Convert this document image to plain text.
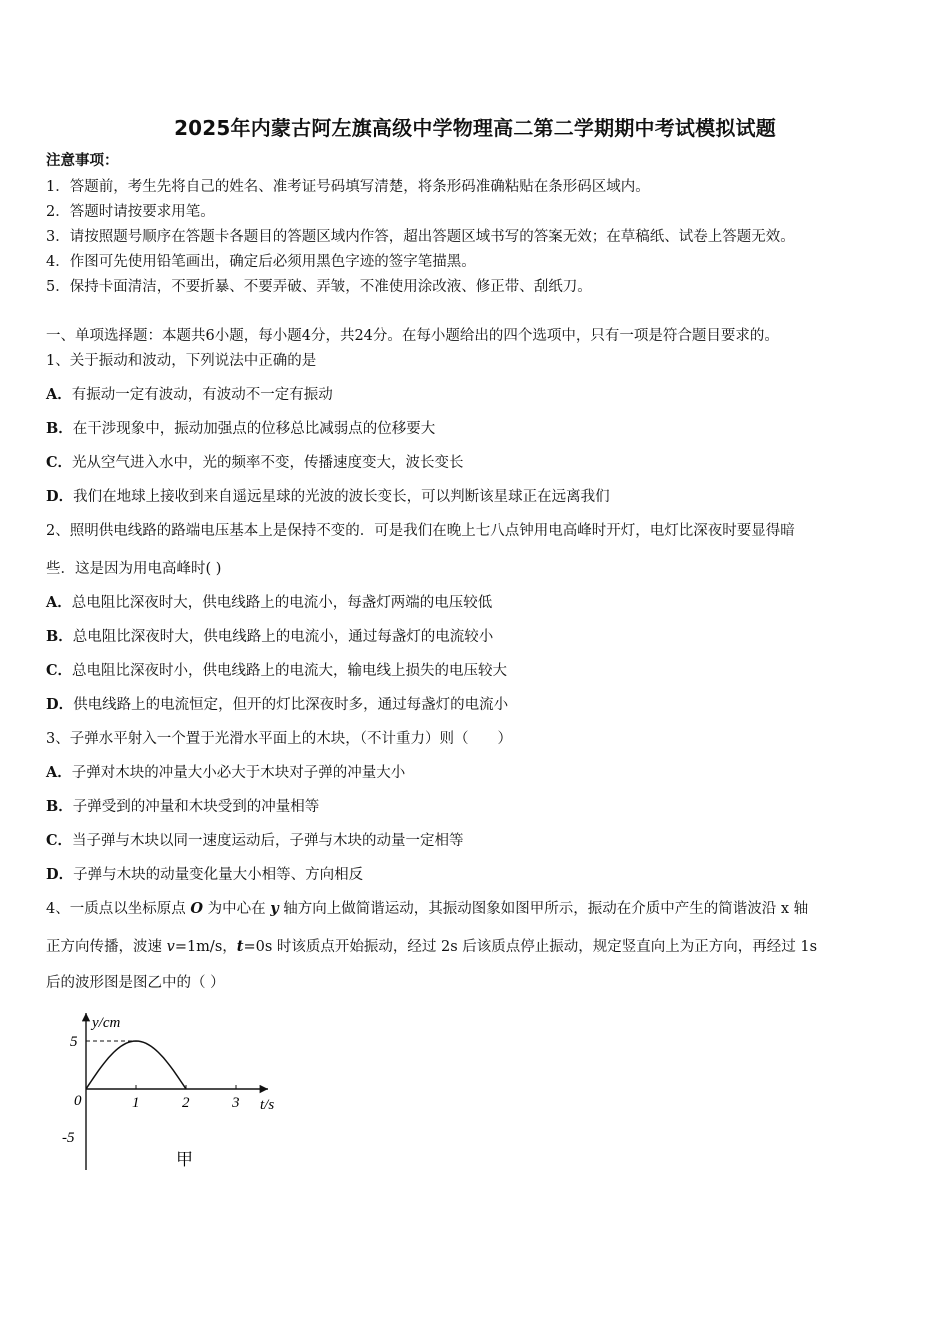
2025年内蒙古阿左旗高级中学物理高二第二学期期中考试模拟试题
注意事项：
1．答题前，考生先将自己的姓名、准考证号码填写清楚，将条形码准确粘贴在条形码区域内。
2．答题时请按要求用笔。
3．请按照题号顺序在答题卡各题目的答题区域内作答，超出答题区域书写的答案无效；在草稿纸、试卷上答题无效。
4．作图可先使用铅笔画出，确定后必须用黑色字迹的签字笔描黑。
5．保持卡面清洁，不要折暴、不要弄破、弄皱，不准使用涂改液、修正带、刮纸刀。
一、单项选择题：本题共6小题，每小题4分，共24分。在每小题给出的四个选项中，只有一项是符合题目要求的。
1、关于振动和波动，下列说法中正确的是
A．有振动一定有波动，有波动不一定有振动
B．在干涉现象中，振动加强点的位移总比减弱点的位移要大
C．光从空气进入水中，光的频率不变，传播速度变大，波长变长
D．我们在地球上接收到来自遥远星球的光波的波长变长，可以判断该星球正在远离我们
2、照明供电线路的路端电压基本上是保持不变的．可是我们在晚上七八点钟用电高峰时开灯，电灯比深夜时要显得暗
些．这是因为用电高峰时( )
A．总电阻比深夜时大，供电线路上的电流小，每盏灯两端的电压较低
B．总电阻比深夜时大，供电线路上的电流小，通过每盏灯的电流较小
C．总电阻比深夜时小，供电线路上的电流大，输电线上损失的电压较大
D．供电线路上的电流恒定，但开的灯比深夜时多，通过每盏灯的电流小
3、子弹水平射入一个置于光滑水平面上的木块，（不计重力）则（　　）
A．子弹对木块的冲量大小必大于木块对子弹的冲量大小
B．子弹受到的冲量和木块受到的冲量相等
C．当子弹与木块以同一速度运动后，子弹与木块的动量一定相等
D．子弹与木块的动量变化量大小相等、方向相反
4、一质点以坐标原点 O 为中心在 y 轴方向上做简谐运动，其振动图象如图甲所示，振动在介质中产生的简谐波沿 x 轴
正方向传播，波速 v=1m/s，t=0s 时该质点开始振动，经过 2s 后该质点停止振动，规定竖直向上为正方向，再经过 1s
后的波形图是图乙中的（ ）
1	2	3
5
-5
y/cm
t/s
0
甲
